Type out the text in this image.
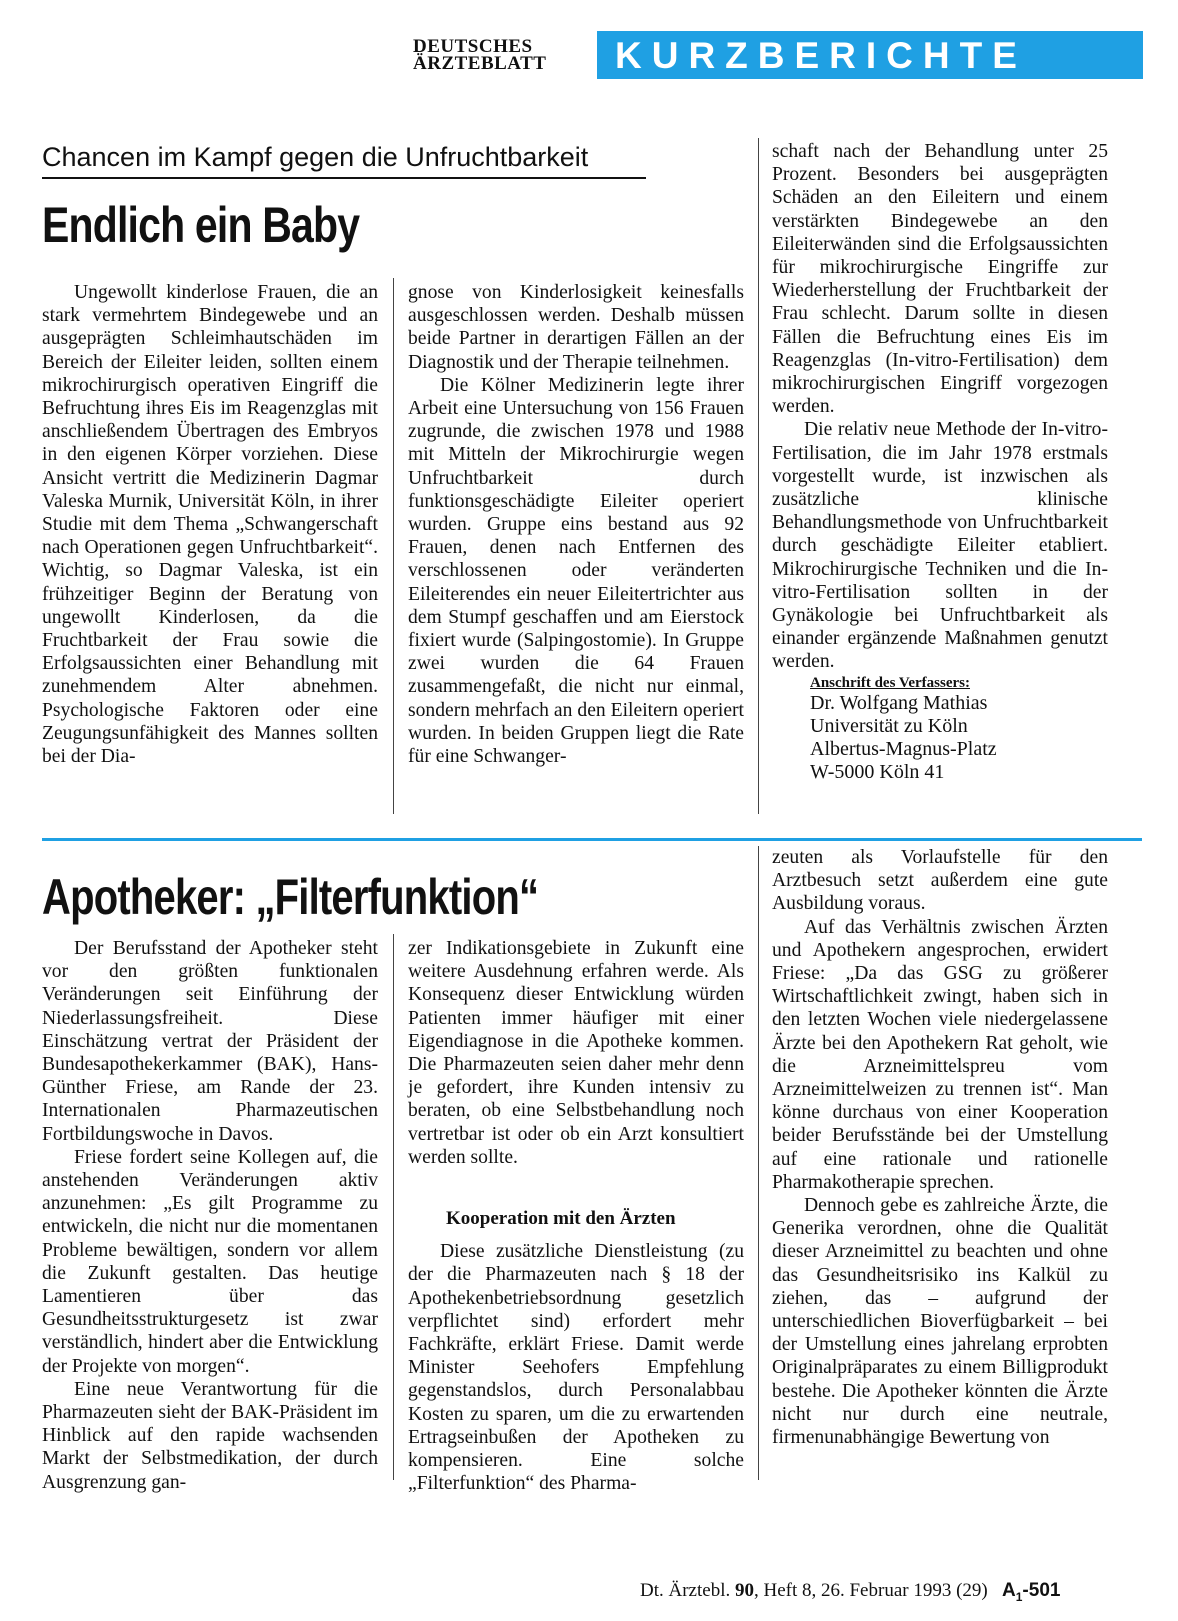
DEUTSCHES
ÄRZTEBLATT	KURZBERICHTE
Chancen im Kampf gegen die Unfruchtbarkeit
Endlich ein Baby

Ungewollt kinderlose Frauen, die an stark vermehrtem Bindegewebe und an ausgeprägten Schleimhautschäden im Bereich der Eileiter leiden, sollten einem mikrochirurgisch operativen Eingriff die Befruchtung ihres Eis im Reagenzglas mit anschließendem Übertragen des Embryos in den eigenen Körper vorziehen. Diese Ansicht vertritt die Medizinerin Dagmar Valeska Murnik, Universität Köln, in ihrer Studie mit dem Thema „Schwangerschaft nach Operationen gegen Unfruchtbarkeit“. Wichtig, so Dagmar Valeska, ist ein frühzeitiger Beginn der Beratung von ungewollt Kinderlosen, da die Fruchtbarkeit der Frau sowie die Erfolgsaussichten einer Behandlung mit zunehmendem Alter abnehmen. Psychologische Faktoren oder eine Zeugungsunfähigkeit des Mannes sollten bei der Dia-

gnose von Kinderlosigkeit keinesfalls ausgeschlossen werden. Deshalb müssen beide Partner in derartigen Fällen an der Diagnostik und der Therapie teilnehmen.

Die Kölner Medizinerin legte ihrer Arbeit eine Untersuchung von 156 Frauen zugrunde, die zwischen 1978 und 1988 mit Mitteln der Mikrochirurgie wegen Unfruchtbarkeit durch funktionsgeschädigte Eileiter operiert wurden. Gruppe eins bestand aus 92 Frauen, denen nach Entfernen des verschlossenen oder veränderten Eileiterendes ein neuer Eileitertrichter aus dem Stumpf geschaffen und am Eierstock fixiert wurde (Salpingostomie). In Gruppe zwei wurden die 64 Frauen zusammengefaßt, die nicht nur einmal, sondern mehrfach an den Eileitern operiert wurden. In beiden Gruppen liegt die Rate für eine Schwanger-

schaft nach der Behandlung unter 25 Prozent. Besonders bei ausgeprägten Schäden an den Eileitern und einem verstärkten Bindegewebe an den Eileiterwänden sind die Erfolgsaussichten für mikrochirurgische Eingriffe zur Wiederherstellung der Fruchtbarkeit der Frau schlecht. Darum sollte in diesen Fällen die Befruchtung eines Eis im Reagenzglas (In-vitro-Fertilisation) dem mikrochirurgischen Eingriff vorgezogen werden.

Die relativ neue Methode der In-vitro-Fertilisation, die im Jahr 1978 erstmals vorgestellt wurde, ist inzwischen als zusätzliche klinische Behandlungsmethode von Unfruchtbarkeit durch geschädigte Eileiter etabliert. Mikrochirurgische Techniken und die In-vitro-Fertilisation sollten in der Gynäkologie bei Unfruchtbarkeit als einander ergänzende Maßnahmen genutzt werden.

Anschrift des Verfassers:

Dr. Wolfgang Mathias

Universität zu Köln

Albertus-Magnus-Platz

W-5000 Köln 41

Apotheker: „Filterfunktion“

Der Berufsstand der Apotheker steht vor den größten funktionalen Veränderungen seit Einführung der Niederlassungsfreiheit. Diese Einschätzung vertrat der Präsident der Bundesapothekerkammer (BAK), Hans-Günther Friese, am Rande der 23. Internationalen Pharmazeutischen Fortbildungswoche in Davos.

Friese fordert seine Kollegen auf, die anstehenden Veränderungen aktiv anzunehmen: „Es gilt Programme zu entwickeln, die nicht nur die momentanen Probleme bewältigen, sondern vor allem die Zukunft gestalten. Das heutige Lamentieren über das Gesundheitsstrukturgesetz ist zwar verständlich, hindert aber die Entwicklung der Projekte von morgen“.

Eine neue Verantwortung für die Pharmazeuten sieht der BAK-Präsident im Hinblick auf den rapide wachsenden Markt der Selbstmedikation, der durch Ausgrenzung gan-

zer Indikationsgebiete in Zukunft eine weitere Ausdehnung erfahren werde. Als Konsequenz dieser Entwicklung würden Patienten immer häufiger mit einer Eigendiagnose in die Apotheke kommen. Die Pharmazeuten seien daher mehr denn je gefordert, ihre Kunden intensiv zu beraten, ob eine Selbstbehandlung noch vertretbar ist oder ob ein Arzt konsultiert werden sollte.

Kooperation mit den Ärzten

Diese zusätzliche Dienstleistung (zu der die Pharmazeuten nach § 18 der Apothekenbetriebsordnung gesetzlich verpflichtet sind) erfordert mehr Fachkräfte, erklärt Friese. Damit werde Minister Seehofers Empfehlung gegenstandslos, durch Personalabbau Kosten zu sparen, um die zu erwartenden Ertragseinbußen der Apotheken zu kompensieren. Eine solche „Filterfunktion“ des Pharma-

zeuten als Vorlaufstelle für den Arztbesuch setzt außerdem eine gute Ausbildung voraus.

Auf das Verhältnis zwischen Ärzten und Apothekern angesprochen, erwidert Friese: „Da das GSG zu größerer Wirtschaftlichkeit zwingt, haben sich in den letzten Wochen viele niedergelassene Ärzte bei den Apothekern Rat geholt, wie die Arzneimittelspreu vom Arzneimittelweizen zu trennen ist“. Man könne durchaus von einer Kooperation beider Berufsstände bei der Umstellung auf eine rationale und rationelle Pharmakotherapie sprechen.

Dennoch gebe es zahlreiche Ärzte, die Generika verordnen, ohne die Qualität dieser Arzneimittel zu beachten und ohne das Gesundheitsrisiko ins Kalkül zu ziehen, das – aufgrund der unterschiedlichen Bioverfügbarkeit – bei der Umstellung eines jahrelang erprobten Originalpräparates zu einem Billigprodukt bestehe. Die Apotheker könnten die Ärzte nicht nur durch eine neutrale, firmenunabhängige Bewertung von

Dt. Ärztebl. 90, Heft 8, 26. Februar 1993 (29) $A_1-501$
